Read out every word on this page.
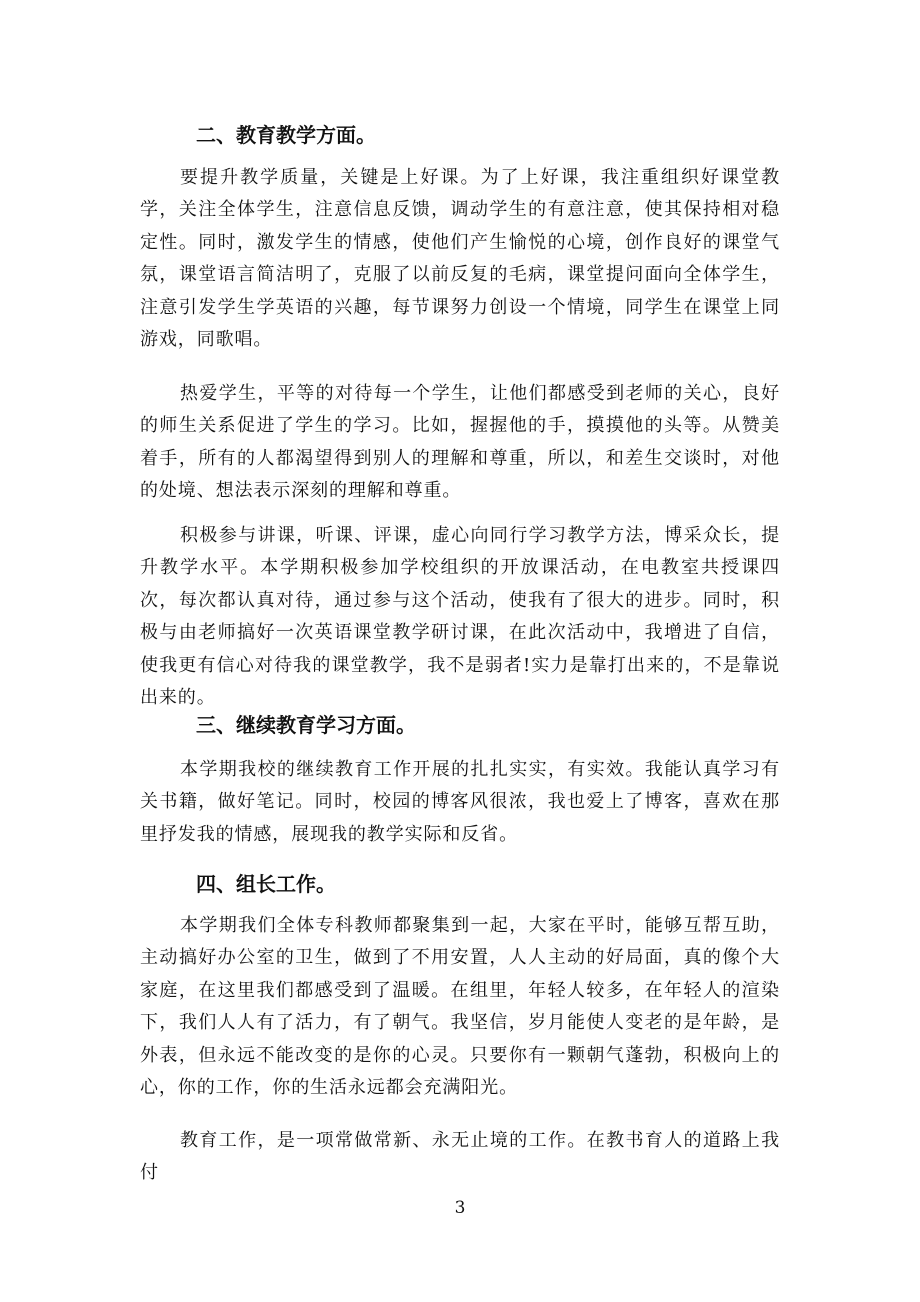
二、教育教学方面。
要提升教学质量，关键是上好课。为了上好课，我注重组织好课堂教学，关注全体学生，注意信息反馈，调动学生的有意注意，使其保持相对稳定性。同时，激发学生的情感，使他们产生愉悦的心境，创作良好的课堂气氛，课堂语言简洁明了，克服了以前反复的毛病，课堂提问面向全体学生，注意引发学生学英语的兴趣，每节课努力创设一个情境，同学生在课堂上同游戏，同歌唱。
热爱学生，平等的对待每一个学生，让他们都感受到老师的关心，良好的师生关系促进了学生的学习。比如，握握他的手，摸摸他的头等。从赞美着手，所有的人都渴望得到别人的理解和尊重，所以，和差生交谈时，对他的处境、想法表示深刻的理解和尊重。
积极参与讲课，听课、评课，虚心向同行学习教学方法，博采众长，提升教学水平。本学期积极参加学校组织的开放课活动，在电教室共授课四次，每次都认真对待，通过参与这个活动，使我有了很大的进步。同时，积极与由老师搞好一次英语课堂教学研讨课，在此次活动中，我增进了自信，使我更有信心对待我的课堂教学，我不是弱者!实力是靠打出来的，不是靠说出来的。
三、继续教育学习方面。
本学期我校的继续教育工作开展的扎扎实实，有实效。我能认真学习有关书籍，做好笔记。同时，校园的博客风很浓，我也爱上了博客，喜欢在那里抒发我的情感，展现我的教学实际和反省。
四、组长工作。
本学期我们全体专科教师都聚集到一起，大家在平时，能够互帮互助，主动搞好办公室的卫生，做到了不用安置，人人主动的好局面，真的像个大家庭，在这里我们都感受到了温暖。在组里，年轻人较多，在年轻人的渲染下，我们人人有了活力，有了朝气。我坚信，岁月能使人变老的是年龄，是外表，但永远不能改变的是你的心灵。只要你有一颗朝气蓬勃，积极向上的心，你的工作，你的生活永远都会充满阳光。
教育工作，是一项常做常新、永无止境的工作。在教书育人的道路上我付
3
